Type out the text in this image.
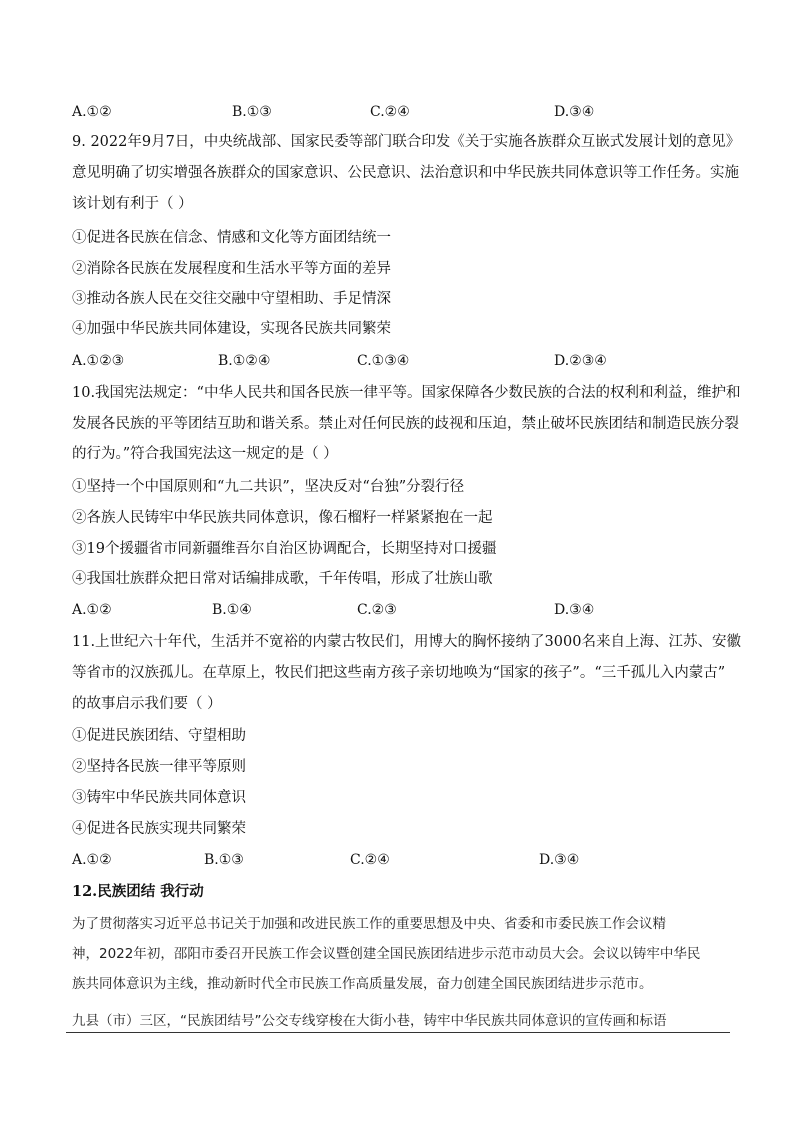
A.①②	B.①③	C.②④	D.③④
9. 2022年9月7日，中央统战部、国家民委等部门联合印发《关于实施各族群众互嵌式发展计划的意见》
意见明确了切实增强各族群众的国家意识、公民意识、法治意识和中华民族共同体意识等工作任务。实施
该计划有利于（ ）
①促进各民族在信念、情感和文化等方面团结统一
②消除各民族在发展程度和生活水平等方面的差异
③推动各族人民在交往交融中守望相助、手足情深
④加强中华民族共同体建设，实现各民族共同繁荣
A.①②③	B.①②④	C.①③④	D.②③④
10.我国宪法规定：“中华人民共和国各民族一律平等。国家保障各少数民族的合法的权利和利益，维护和
发展各民族的平等团结互助和谐关系。禁止对任何民族的歧视和压迫，禁止破坏民族团结和制造民族分裂
的行为。”符合我国宪法这一规定的是（ ）
①坚持一个中国原则和“九二共识”，坚决反对“台独”分裂行径
②各族人民铸牢中华民族共同体意识，像石榴籽一样紧紧抱在一起
③19个援疆省市同新疆维吾尔自治区协调配合，长期坚持对口援疆
④我国壮族群众把日常对话编排成歌，千年传唱，形成了壮族山歌
A.①②	B.①④	C.②③	D.③④
11.上世纪六十年代，生活并不宽裕的内蒙古牧民们，用博大的胸怀接纳了3000名来自上海、江苏、安徽
等省市的汉族孤儿。在草原上，牧民们把这些南方孩子亲切地唤为“国家的孩子”。“三千孤儿入内蒙古”
的故事启示我们要（ ）
①促进民族团结、守望相助
②坚持各民族一律平等原则
③铸牢中华民族共同体意识
④促进各民族实现共同繁荣
A.①②	B.①③	C.②④	D.③④
12.民族团结 我行动
为了贯彻落实习近平总书记关于加强和改进民族工作的重要思想及中央、省委和市委民族工作会议精
神，2022年初，邵阳市委召开民族工作会议暨创建全国民族团结进步示范市动员大会。会议以铸牢中华民
族共同体意识为主线，推动新时代全市民族工作高质量发展，奋力创建全国民族团结进步示范市。
九县（市）三区，“民族团结号”公交专线穿梭在大街小巷，铸牢中华民族共同体意识的宣传画和标语
